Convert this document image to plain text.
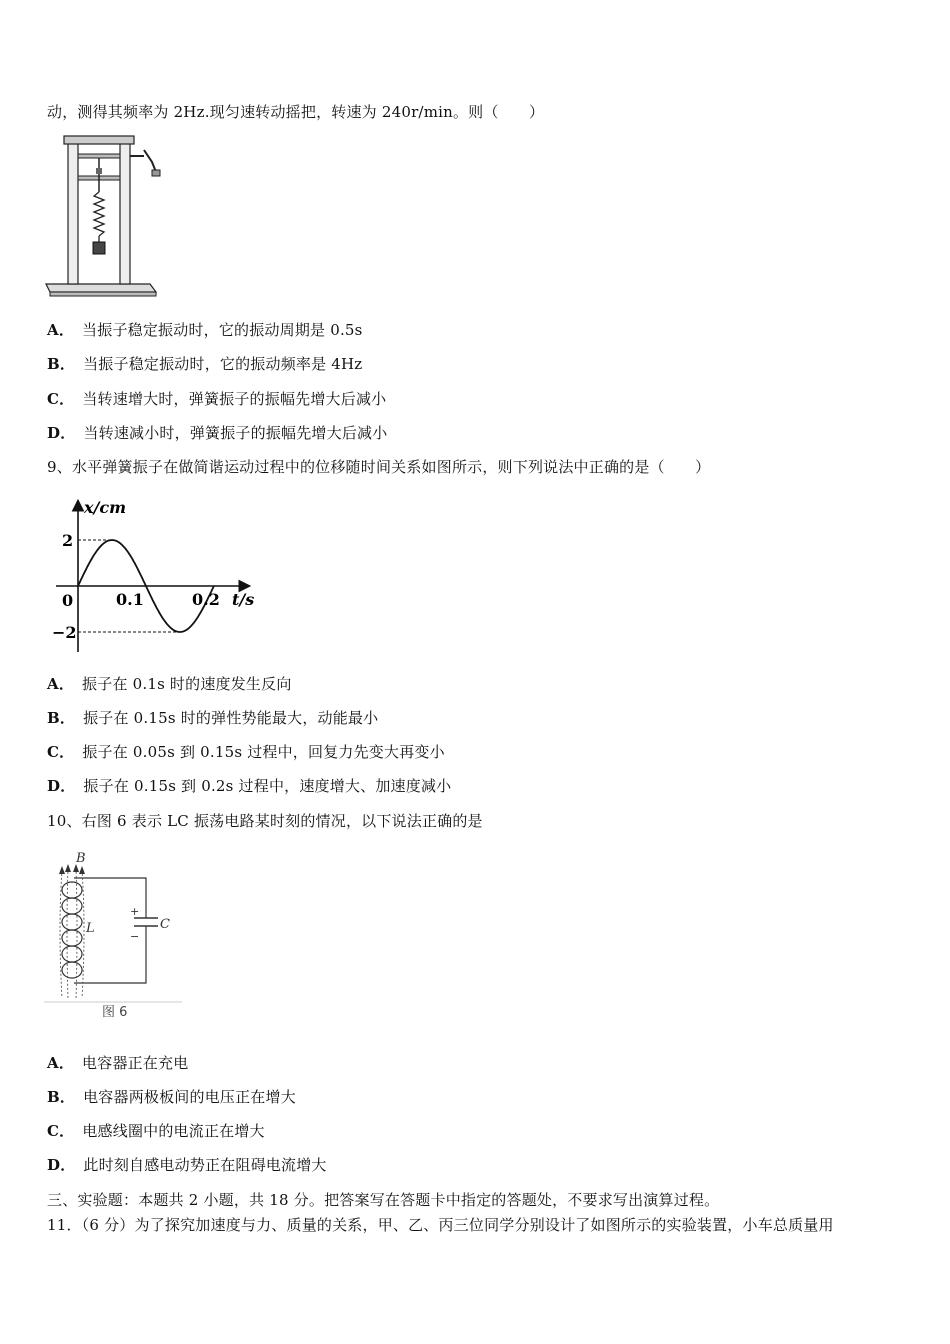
动，测得其频率为 2Hz.现匀速转动摇把，转速为 240r/min。则（　　）
A． 当振子稳定振动时，它的振动周期是 0.5s
B． 当振子稳定振动时，它的振动频率是 4Hz
C． 当转速增大时，弹簧振子的振幅先增大后减小
D． 当转速减小时，弹簧振子的振幅先增大后减小
9、水平弹簧振子在做简谐运动过程中的位移随时间关系如图所示，则下列说法中正确的是（　　）
x/cm
t/s
0
2
−2
0.1	0.2
A． 振子在 0.1s 时的速度发生反向
B． 振子在 0.15s 时的弹性势能最大，动能最小
C． 振子在 0.05s 到 0.15s 过程中，回复力先变大再变小
D． 振子在 0.15s 到 0.2s 过程中，速度增大、加速度减小
10、右图 6 表示 LC 振荡电路某时刻的情况，以下说法正确的是
B
L	C
+
−
图 6
A． 电容器正在充电
B． 电容器两极板间的电压正在增大
C． 电感线圈中的电流正在增大
D． 此时刻自感电动势正在阻碍电流增大
三、实验题：本题共 2 小题，共 18 分。把答案写在答题卡中指定的答题处，不要求写出演算过程。
11．（6 分）为了探究加速度与力、质量的关系，甲、乙、丙三位同学分别设计了如图所示的实验装置，小车总质量用
